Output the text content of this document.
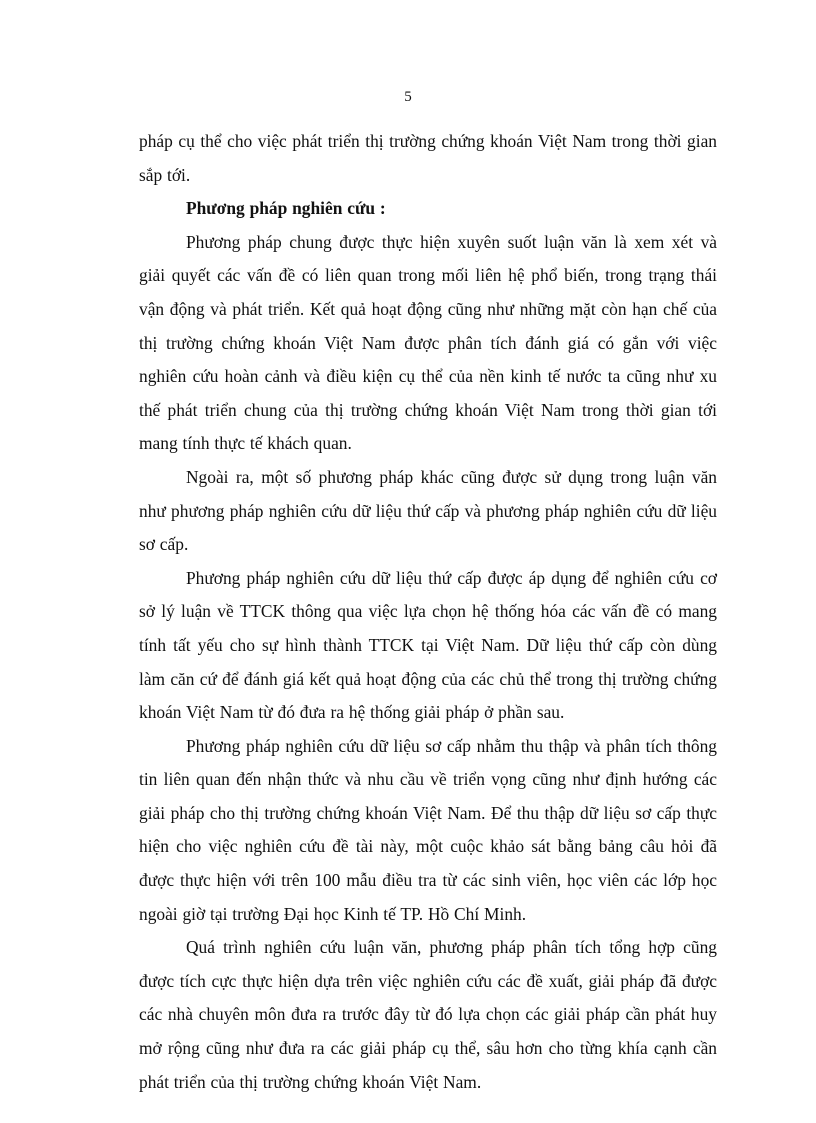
5
pháp cụ thể cho việc phát triển thị trường chứng khoán Việt Nam trong thời gian
sắp tới.
Phương pháp nghiên cứu :
Phương pháp chung được thực hiện xuyên suốt luận văn là xem xét và
giải quyết các vấn đề có liên quan trong mối liên hệ phổ biến, trong trạng thái
vận động và phát triển. Kết quả hoạt động cũng như những mặt còn hạn chế của
thị trường chứng khoán Việt Nam được phân tích đánh giá có gắn với việc
nghiên cứu hoàn cảnh và điều kiện cụ thể của nền kinh tế nước ta cũng như xu
thế phát triển chung của thị trường chứng khoán Việt Nam trong thời gian tới
mang tính thực tế khách quan.
Ngoài ra, một số phương pháp khác cũng được sử dụng trong luận văn
như phương pháp nghiên cứu dữ liệu thứ cấp và phương pháp nghiên cứu dữ liệu
sơ cấp.
Phương pháp nghiên cứu dữ liệu thứ cấp được áp dụng để nghiên cứu cơ
sở lý luận về TTCK thông qua việc lựa chọn hệ thống hóa các vấn đề có mang
tính tất yếu cho sự hình thành TTCK tại Việt Nam. Dữ liệu thứ cấp còn dùng
làm căn cứ để đánh giá kết quả hoạt động của các chủ thể trong thị trường chứng
khoán Việt Nam từ đó đưa ra hệ thống giải pháp ở phần sau.
Phương pháp nghiên cứu dữ liệu sơ cấp nhằm thu thập và phân tích thông
tin liên quan đến nhận thức và nhu cầu về triển vọng cũng như định hướng các
giải pháp cho thị trường chứng khoán Việt Nam. Để thu thập dữ liệu sơ cấp thực
hiện cho việc nghiên cứu đề tài này, một cuộc khảo sát bằng bảng câu hỏi đã
được thực hiện với trên 100 mẫu điều tra từ các sinh viên, học viên các lớp học
ngoài giờ tại trường Đại học Kinh tế TP. Hồ Chí Minh.
Quá trình nghiên cứu luận văn, phương pháp phân tích tổng hợp cũng
được tích cực thực hiện dựa trên việc nghiên cứu các đề xuất, giải pháp đã được
các nhà chuyên môn đưa ra trước đây từ đó lựa chọn các giải pháp cần phát huy
mở rộng cũng như đưa ra các giải pháp cụ thể, sâu hơn cho từng khía cạnh cần
phát triển của thị trường chứng khoán Việt Nam.
